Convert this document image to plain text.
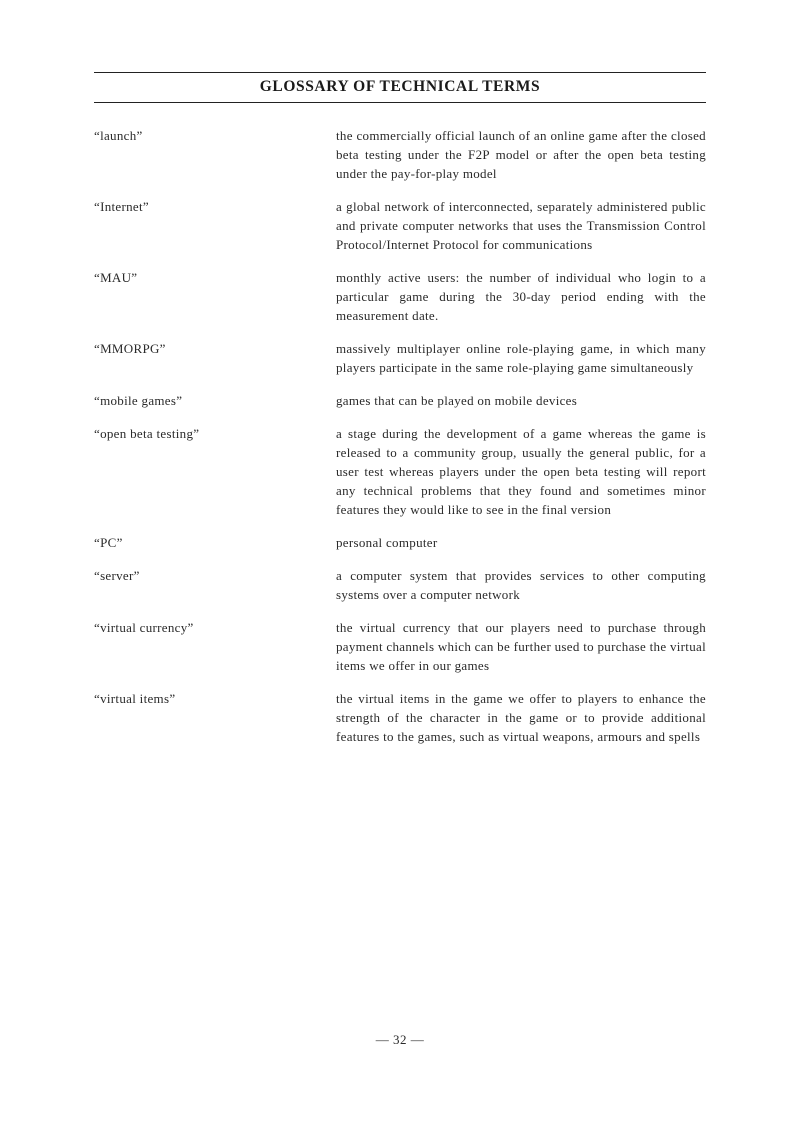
GLOSSARY OF TECHNICAL TERMS
“launch”	the commercially official launch of an online game after the closed beta testing under the F2P model or after the open beta testing under the pay-for-play model
“Internet”	a global network of interconnected, separately administered public and private computer networks that uses the Transmission Control Protocol/Internet Protocol for communications
“MAU”	monthly active users: the number of individual who login to a particular game during the 30-day period ending with the measurement date.
“MMORPG”	massively multiplayer online role-playing game, in which many players participate in the same role-playing game simultaneously
“mobile games”	games that can be played on mobile devices
“open beta testing”	a stage during the development of a game whereas the game is released to a community group, usually the general public, for a user test whereas players under the open beta testing will report any technical problems that they found and sometimes minor features they would like to see in the final version
“PC”	personal computer
“server”	a computer system that provides services to other computing systems over a computer network
“virtual currency”	the virtual currency that our players need to purchase through payment channels which can be further used to purchase the virtual items we offer in our games
“virtual items”	the virtual items in the game we offer to players to enhance the strength of the character in the game or to provide additional features to the games, such as virtual weapons, armours and spells
— 32 —
